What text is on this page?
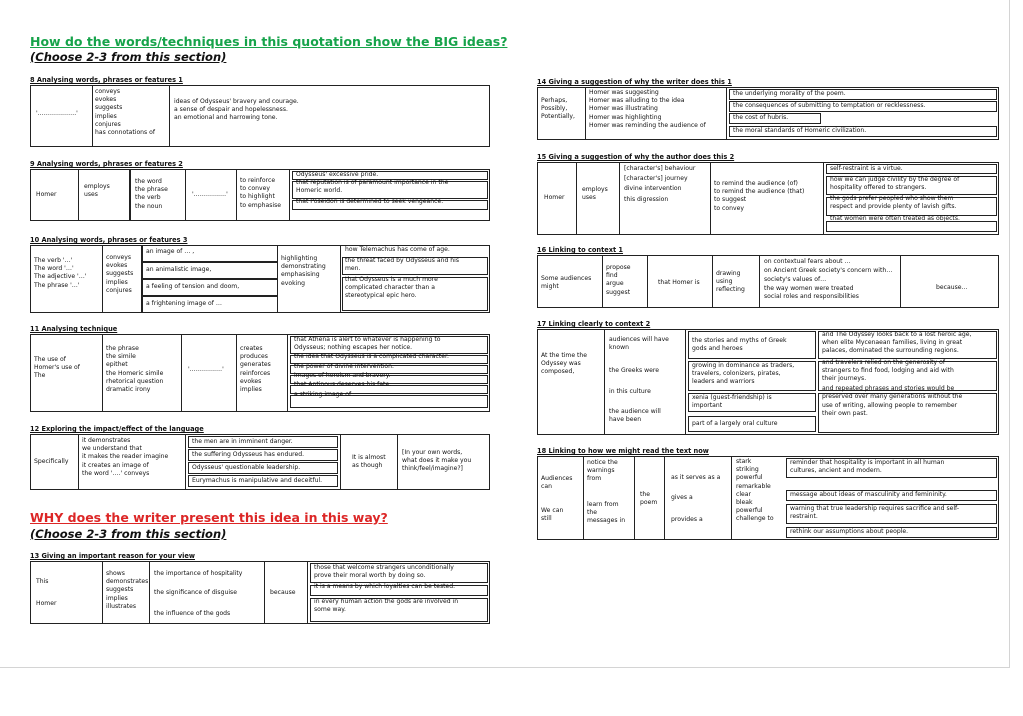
How do the words/techniques in this quotation show the BIG ideas?
(Choose 2-3 from this section)
8 Analysing words, phrases or features 1
'……………….'
conveys
evokes
suggests
implies
conjures
has connotations of
ideas of Odysseus' bravery and courage.
a sense of despair and hopelessness.
an emotional and harrowing tone.
9 Analysing words, phrases or features 2
Homer
employs
uses
the word
the phrase
the verb
the noun
'…………….'
to reinforce
to convey
to highlight
to emphasise
Odysseus' excessive pride.
that reputation is of paramount importance in the
Homeric world.
that Poseidon is determined to seek vengeance.
10 Analysing words, phrases or features 3
The verb '…'
The word '…'
The adjective '…'
The phrase '…'
conveys
evokes
suggests
implies
conjures
an image of … ,
an animalistic image,
a feeling of tension and doom,
a frightening image of …
highlighting
demonstrating
emphasising
evoking
how Telemachus has come of age.
the threat faced by Odysseus and his
men.
that Odysseus is a much more
complicated character than a
stereotypical epic hero.
11 Analysing technique
The use of
Homer's use of
The
the phrase
the simile
epithet
the Homeric simile
rhetorical question
dramatic irony
'…………….'
creates
produces
generates
reinforces
evokes
implies
that Athena is alert to whatever is happening to
Odysseus; nothing escapes her notice.
the idea that Odysseus is a complicated character.
the power of divine intervention.
images of heroism and bravery.
that Antinous deserves his fate.
a striking image of …
12 Exploring the impact/effect of the language
Specifically
it demonstrates
we understand that
it makes the reader imagine
it creates an image of
the word '….' conveys
the men are in imminent danger.
the suffering Odysseus has endured.
Odysseus' questionable leadership.
Eurymachus is manipulative and deceitful.
It is almost
as though
[In your own words,
what does it make you
think/feel/imagine?]
WHY does the writer present this idea in this way?
(Choose 2-3 from this section)
13 Giving an important reason for your view
This
Homer
shows
demonstrates
suggests
implies
illustrates
the importance of hospitality
the significance of disguise
the influence of the gods
because
those that welcome strangers unconditionally
prove their moral worth by doing so.
it is a means by which loyalties can be tested.
in every human action the gods are involved in
some way.
14 Giving a suggestion of why the writer does this 1
Perhaps,
Possibly,
Potentially,
Homer was suggesting
Homer was alluding to the idea
Homer was illustrating
Homer was highlighting
Homer was reminding the audience of
the underlying morality of the poem.
the consequences of submitting to temptation or recklessness.
the cost of hubris.
the moral standards of Homeric civilization.
15 Giving a suggestion of why the author does this 2
Homer
employs
uses
[character's] behaviour
[character's] journey
divine intervention
this digression
to remind the audience (of)
to remind the audience (that)
to suggest
to convey
self-restraint is a virtue.
how we can judge civility by the degree of
hospitality offered to strangers.
the gods prefer peopled who show them
respect and provide plenty of lavish gifts.
that women were often treated as objects.
16 Linking to context 1
Some audiences
might
propose
find
argue
suggest
that Homer is
drawing
using
reflecting
on contextual fears about …
on Ancient Greek society's concern with…
society's values of…
the way women were treated
social roles and responsibilities
because…
17 Linking clearly to context 2
At the time the
Odyssey was
composed,
audiences will have
known
the Greeks were
in this culture
the audience will
have been
the stories and myths of Greek
gods and heroes
growing in dominance as traders,
travelers, colonizers, pirates,
leaders and warriors
xenia (guest-friendship) is
important
part of a largely oral culture
and The Odyssey looks back to a lost heroic age,
when elite Mycenaean families, living in great
palaces, dominated the surrounding regions.
and travelers relied on the generosity of
strangers to find food, lodging and aid with
their journeys.
and repeated phrases and stories would be
preserved over many generations without the
use of writing, allowing people to remember
their own past.
18 Linking to how we might read the text now
Audiences
can
We can
still
notice the
warnings
from
learn from
the
messages in
the
poem
as it serves as a
gives a
provides a
stark
striking
powerful
remarkable
clear
bleak
powerful
challenge to
reminder that hospitality is important in all human
cultures, ancient and modern.
message about ideas of masculinity and femininity.
warning that true leadership requires sacrifice and self-
restraint.
rethink our assumptions about people.
